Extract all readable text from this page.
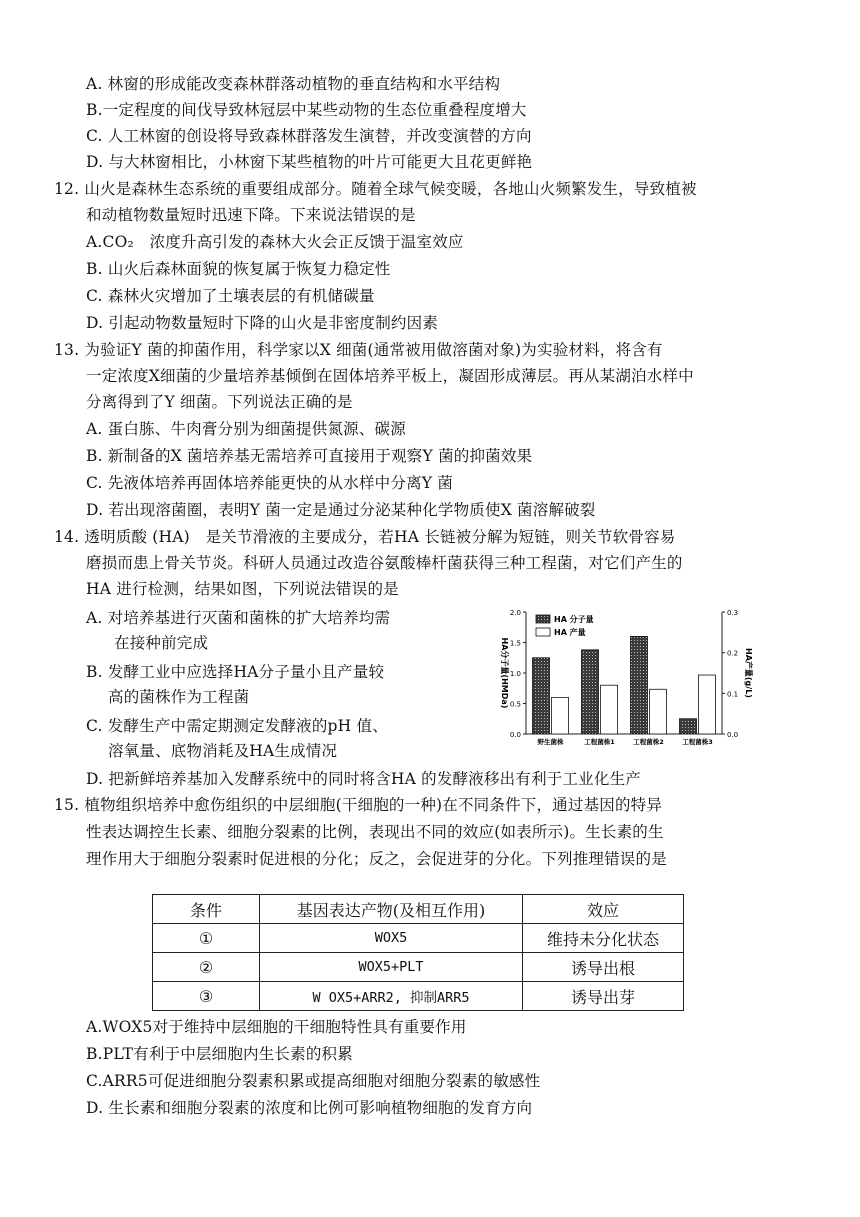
A. 林窗的形成能改变森林群落动植物的垂直结构和水平结构
B.一定程度的间伐导致林冠层中某些动物的生态位重叠程度增大
C. 人工林窗的创设将导致森林群落发生演替，并改变演替的方向
D. 与大林窗相比，小林窗下某些植物的叶片可能更大且花更鲜艳
12. 山火是森林生态系统的重要组成部分。随着全球气候变暖，各地山火频繁发生，导致植被
和动植物数量短时迅速下降。下来说法错误的是
A.CO₂　浓度升高引发的森林大火会正反馈于温室效应
B. 山火后森林面貌的恢复属于恢复力稳定性
C. 森林火灾增加了土壤表层的有机储碳量
D. 引起动物数量短时下降的山火是非密度制约因素
13. 为验证Y 菌的抑菌作用，科学家以X 细菌(通常被用做溶菌对象)为实验材料，将含有
一定浓度X细菌的少量培养基倾倒在固体培养平板上，凝固形成薄层。再从某湖泊水样中
分离得到了Y 细菌。下列说法正确的是
A. 蛋白胨、牛肉膏分别为细菌提供氮源、碳源
B. 新制备的X 菌培养基无需培养可直接用于观察Y 菌的抑菌效果
C. 先液体培养再固体培养能更快的从水样中分离Y 菌
D. 若出现溶菌圈，表明Y 菌一定是通过分泌某种化学物质使X 菌溶解破裂
14. 透明质酸 (HA)　是关节滑液的主要成分，若HA 长链被分解为短链，则关节软骨容易
磨损而患上骨关节炎。科研人员通过改造谷氨酸棒杆菌获得三种工程菌，对它们产生的
HA 进行检测，结果如图，下列说法错误的是
A. 对培养基进行灭菌和菌株的扩大培养均需
在接种前完成
B. 发酵工业中应选择HA分子量小且产量较
高的菌株作为工程菌
C. 发酵生产中需定期测定发酵液的pH 值、
溶氧量、底物消耗及HA生成情况
D. 把新鲜培养基加入发酵系统中的同时将含HA 的发酵液移出有利于工业化生产
0.0
0.5
1.0
1.5
2.0
0.0
0.1
0.2
0.3
HA分子量(HMDa)	HA产量(g/L)
野生菌株	工程菌株1	工程菌株2	工程菌株3
HA 分子量
HA 产量
15. 植物组织培养中愈伤组织的中层细胞(干细胞的一种)在不同条件下，通过基因的特异
性表达调控生长素、细胞分裂素的比例，表现出不同的效应(如表所示)。生长素的生
理作用大于细胞分裂素时促进根的分化；反之，会促进芽的分化。下列推理错误的是
条件	基因表达产物(及相互作用)	效应
①	WOX5	维持未分化状态
②	WOX5+PLT	诱导出根
③	W OX5+ARR2, 抑制ARR5	诱导出芽
A.WOX5对于维持中层细胞的干细胞特性具有重要作用
B.PLT有利于中层细胞内生长素的积累
C.ARR5可促进细胞分裂素积累或提高细胞对细胞分裂素的敏感性
D. 生长素和细胞分裂素的浓度和比例可影响植物细胞的发育方向
